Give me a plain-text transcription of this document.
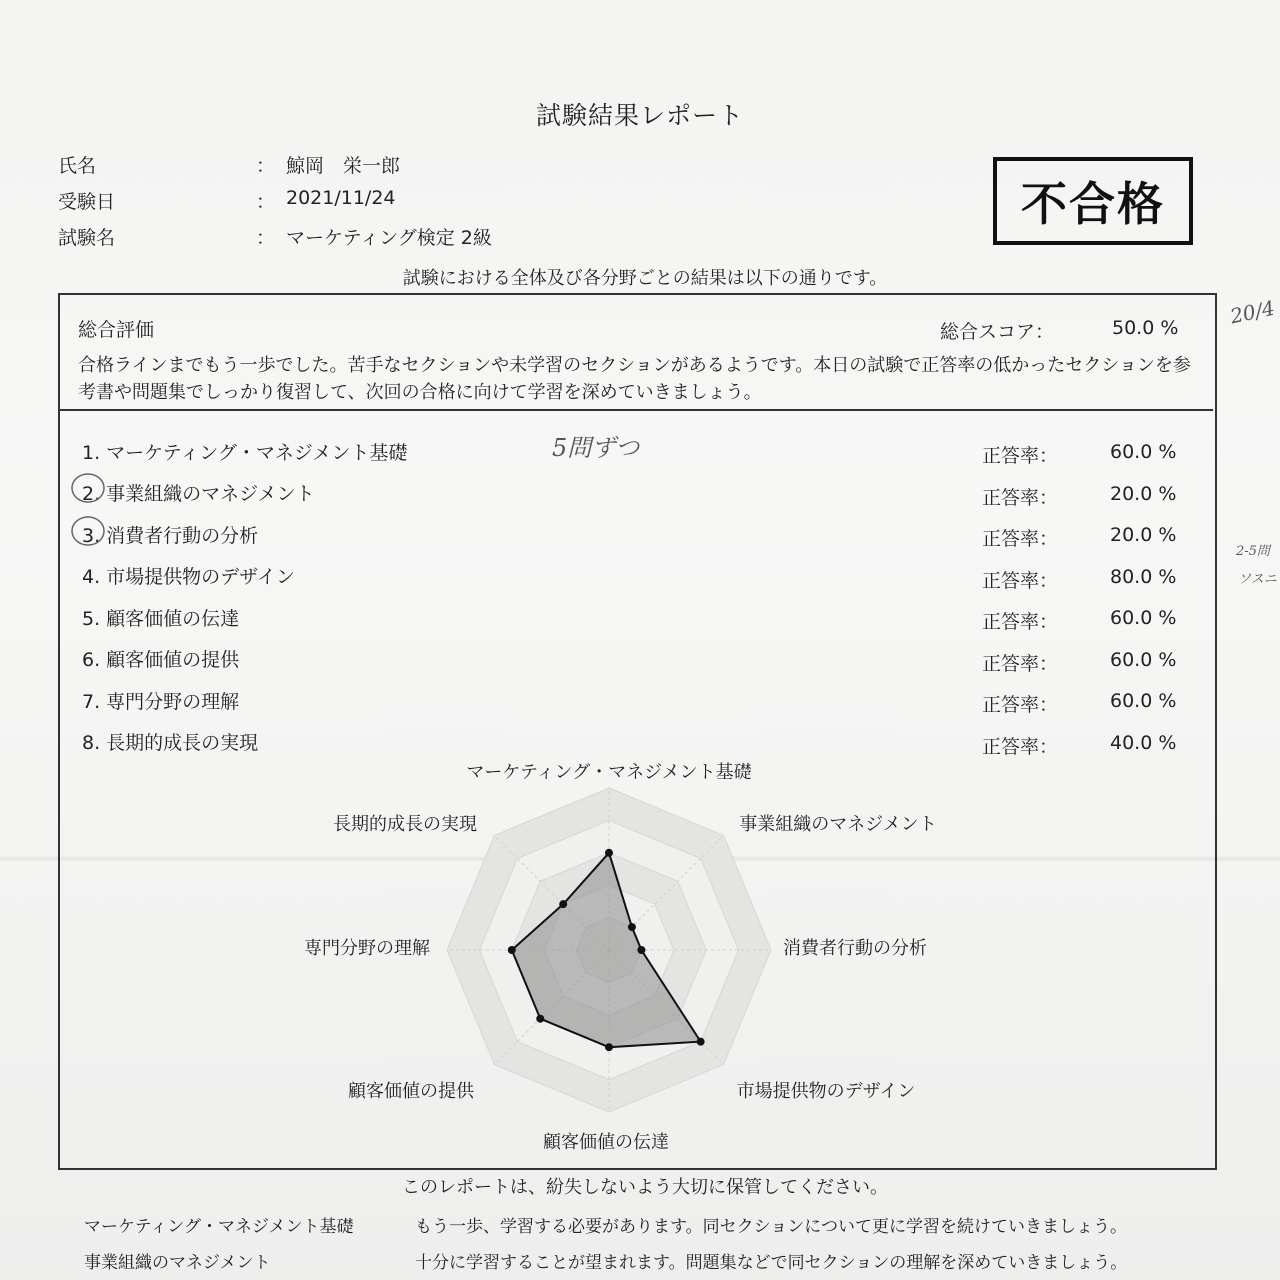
試験結果レポート
氏名	： 鯨岡　栄一郎
受験日	： 2021/11/24
試験名	： マーケティング検定 2級
不合格
試験における全体及び各分野ごとの結果は以下の通りです。
総合評価	総合スコア：	50.0 %
合格ラインまでもう一歩でした。苦手なセクションや未学習のセクションがあるようです。本日の試験で正答率の低かったセクションを参考書や問題集でしっかり復習して、次回の合格に向けて学習を深めていきましょう。
1. マーケティング・マネジメント基礎	正答率：	60.0 %
2. 事業組織のマネジメント	正答率：	20.0 %
3. 消費者行動の分析	正答率：	20.0 %
4. 市場提供物のデザイン	正答率：	80.0 %
5. 顧客価値の伝達	正答率：	60.0 %
6. 顧客価値の提供	正答率：	60.0 %
7. 専門分野の理解	正答率：	60.0 %
8. 長期的成長の実現	正答率：	40.0 %
5問ずつ
20/4
2-5問
ソスニ
マーケティング・マネジメント基礎
事業組織のマネジメント
消費者行動の分析
市場提供物のデザイン
顧客価値の伝達
顧客価値の提供
専門分野の理解
長期的成長の実現
このレポートは、紛失しないよう大切に保管してください。
マーケティング・マネジメント基礎	もう一歩、学習する必要があります。同セクションについて更に学習を続けていきましょう。
事業組織のマネジメント	十分に学習することが望まれます。問題集などで同セクションの理解を深めていきましょう。
